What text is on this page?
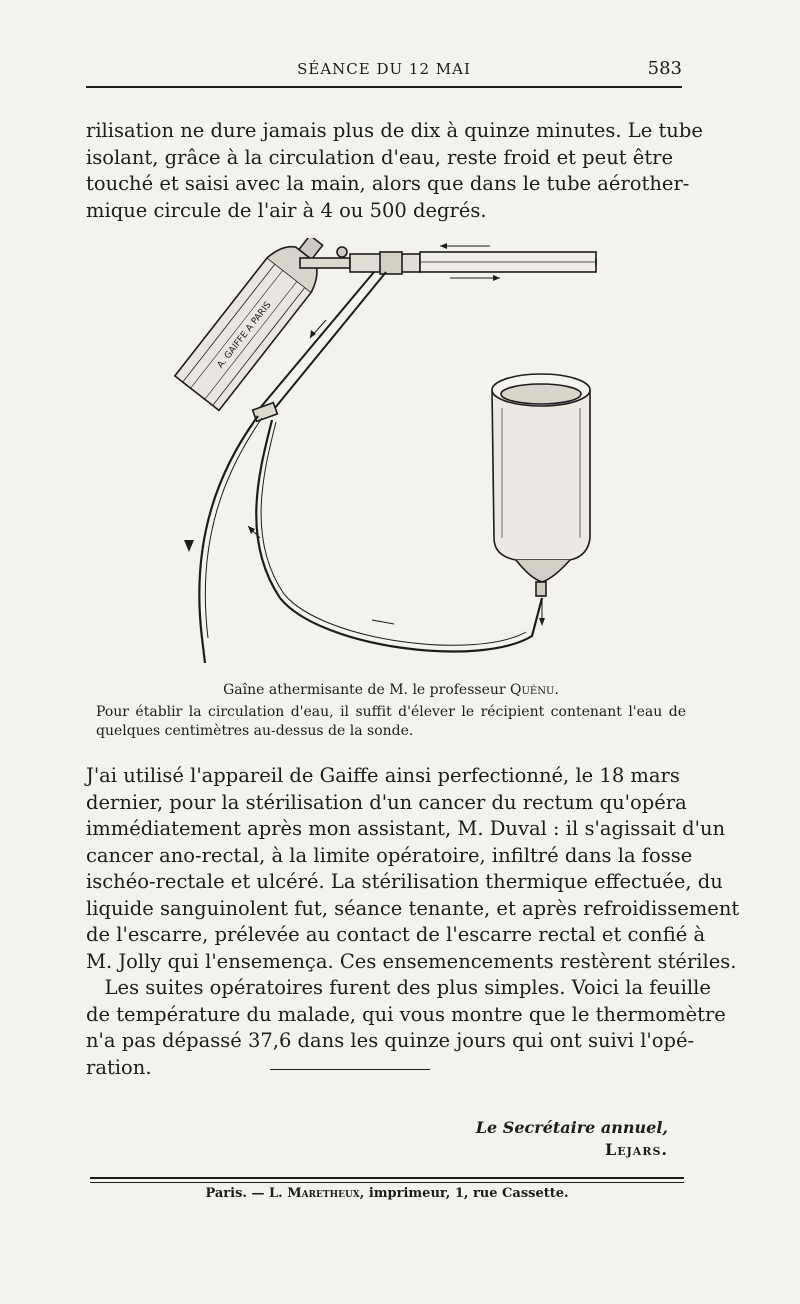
SÉANCE DU 12 MAI	583
rilisation ne dure jamais plus de dix à quinze minutes. Le tube
isolant, grâce à la circulation d'eau, reste froid et peut être
touché et saisi avec la main, alors que dans le tube aérother-
mique circule de l'air à 4 ou 500 degrés.
A. GAIFFE A PARIS
Gaîne athermisante de M. le professeur Quénu.
Pour établir la circulation d'eau, il suffit d'élever le récipient contenant l'eau de quelques centimètres au-dessus de la sonde.
J'ai utilisé l'appareil de Gaiffe ainsi perfectionné, le 18 mars
dernier, pour la stérilisation d'un cancer du rectum qu'opéra
immédiatement après mon assistant, M. Duval : il s'agissait d'un
cancer ano-rectal, à la limite opératoire, infiltré dans la fosse
ischéo-rectale et ulcéré. La stérilisation thermique effectuée, du
liquide sanguinolent fut, séance tenante, et après refroidissement
de l'escarre, prélevée au contact de l'escarre rectal et confié à
M. Jolly qui l'ensemença. Ces ensemencements restèrent stériles.
Les suites opératoires furent des plus simples. Voici la feuille
de température du malade, qui vous montre que le thermomètre
n'a pas dépassé 37,6 dans les quinze jours qui ont suivi l'opé-
ration.
Le Secrétaire annuel,
Lejars.
Paris. — L. Maretheux, imprimeur, 1, rue Cassette.
